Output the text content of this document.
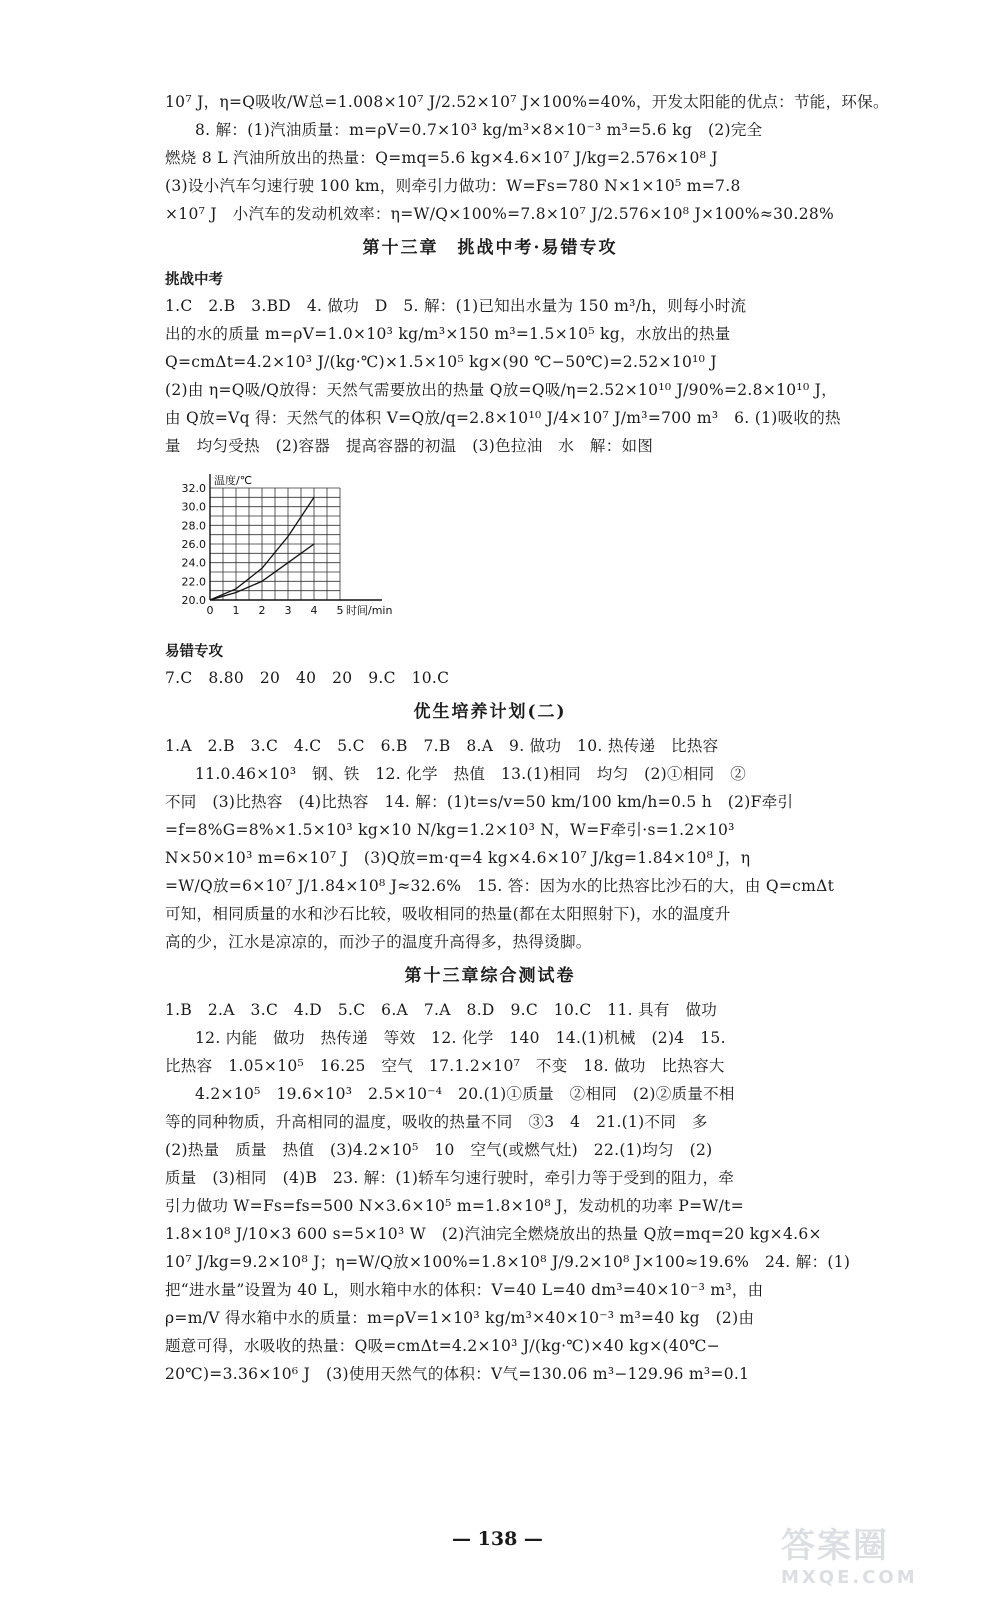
10⁷ J，η=Q吸收/W总=1.008×10⁷ J/2.52×10⁷ J×100%=40%，开发太阳能的优点：节能，环保。
8. 解：(1)汽油质量：m=ρV=0.7×10³ kg/m³×8×10⁻³ m³=5.6 kg　(2)完全
燃烧 8 L 汽油所放出的热量：Q=mq=5.6 kg×4.6×10⁷ J/kg=2.576×10⁸ J
(3)设小汽车匀速行驶 100 km，则牵引力做功：W=Fs=780 N×1×10⁵ m=7.8
×10⁷ J　小汽车的发动机效率：η=W/Q×100%=7.8×10⁷ J/2.576×10⁸ J×100%≈30.28%
第十三章　挑战中考·易错专攻
挑战中考
1.C　2.B　3.BD　4. 做功　D　5. 解：(1)已知出水量为 150 m³/h，则每小时流
出的水的质量 m=ρV=1.0×10³ kg/m³×150 m³=1.5×10⁵ kg，水放出的热量
Q=cmΔt=4.2×10³ J/(kg·℃)×1.5×10⁵ kg×(90 ℃−50℃)=2.52×10¹⁰ J
(2)由 η=Q吸/Q放得：天然气需要放出的热量 Q放=Q吸/η=2.52×10¹⁰ J/90%=2.8×10¹⁰ J，
由 Q放=Vq 得：天然气的体积 V=Q放/q=2.8×10¹⁰ J/4×10⁷ J/m³=700 m³　6. (1)吸收的热
量　均匀受热　(2)容器　提高容器的初温　(3)色拉油　水　解：如图
20.0
22.0
24.0
26.0
28.0
30.0
32.0
0 1 2 3 4 5
温度/℃
时间/min
易错专攻
7.C　8.80　20　40　20　9.C　10.C
优生培养计划(二)
1.A　2.B　3.C　4.C　5.C　6.B　7.B　8.A　9. 做功　10. 热传递　比热容
11.0.46×10³　钢、铁　12. 化学　热值　13.(1)相同　均匀　(2)①相同　②
不同　(3)比热容　(4)比热容　14. 解：(1)t=s/v=50 km/100 km/h=0.5 h　(2)F牵引
=f=8%G=8%×1.5×10³ kg×10 N/kg=1.2×10³ N，W=F牵引·s=1.2×10³
N×50×10³ m=6×10⁷ J　(3)Q放=m·q=4 kg×4.6×10⁷ J/kg=1.84×10⁸ J，η
=W/Q放=6×10⁷ J/1.84×10⁸ J≈32.6%　15. 答：因为水的比热容比沙石的大，由 Q=cmΔt
可知，相同质量的水和沙石比较，吸收相同的热量(都在太阳照射下)，水的温度升
高的少，江水是凉凉的，而沙子的温度升高得多，热得烫脚。
第十三章综合测试卷
1.B　2.A　3.C　4.D　5.C　6.A　7.A　8.D　9.C　10.C　11. 具有　做功
12. 内能　做功　热传递　等效　12. 化学　140　14.(1)机械　(2)4　15.
比热容　1.05×10⁵　16.25　空气　17.1.2×10⁷　不变　18. 做功　比热容大
4.2×10⁵　19.6×10³　2.5×10⁻⁴　20.(1)①质量　②相同　(2)②质量不相
等的同种物质，升高相同的温度，吸收的热量不同　③3　4　21.(1)不同　多
(2)热量　质量　热值　(3)4.2×10⁵　10　空气(或燃气灶)　22.(1)均匀　(2)
质量　(3)相同　(4)B　23. 解：(1)轿车匀速行驶时，牵引力等于受到的阻力，牵
引力做功 W=Fs=fs=500 N×3.6×10⁵ m=1.8×10⁸ J，发动机的功率 P=W/t=
1.8×10⁸ J/10×3 600 s=5×10³ W　(2)汽油完全燃烧放出的热量 Q放=mq=20 kg×4.6×
10⁷ J/kg=9.2×10⁸ J；η=W/Q放×100%=1.8×10⁸ J/9.2×10⁸ J×100≈19.6%　24. 解：(1)
把“进水量”设置为 40 L，则水箱中水的体积：V=40 L=40 dm³=40×10⁻³ m³，由
ρ=m/V 得水箱中水的质量：m=ρV=1×10³ kg/m³×40×10⁻³ m³=40 kg　(2)由
题意可得，水吸收的热量：Q吸=cmΔt=4.2×10³ J/(kg·℃)×40 kg×(40℃−
20℃)=3.36×10⁶ J　(3)使用天然气的体积：V气=130.06 m³−129.96 m³=0.1
— 138 —	答案圈
MXQE.COM
